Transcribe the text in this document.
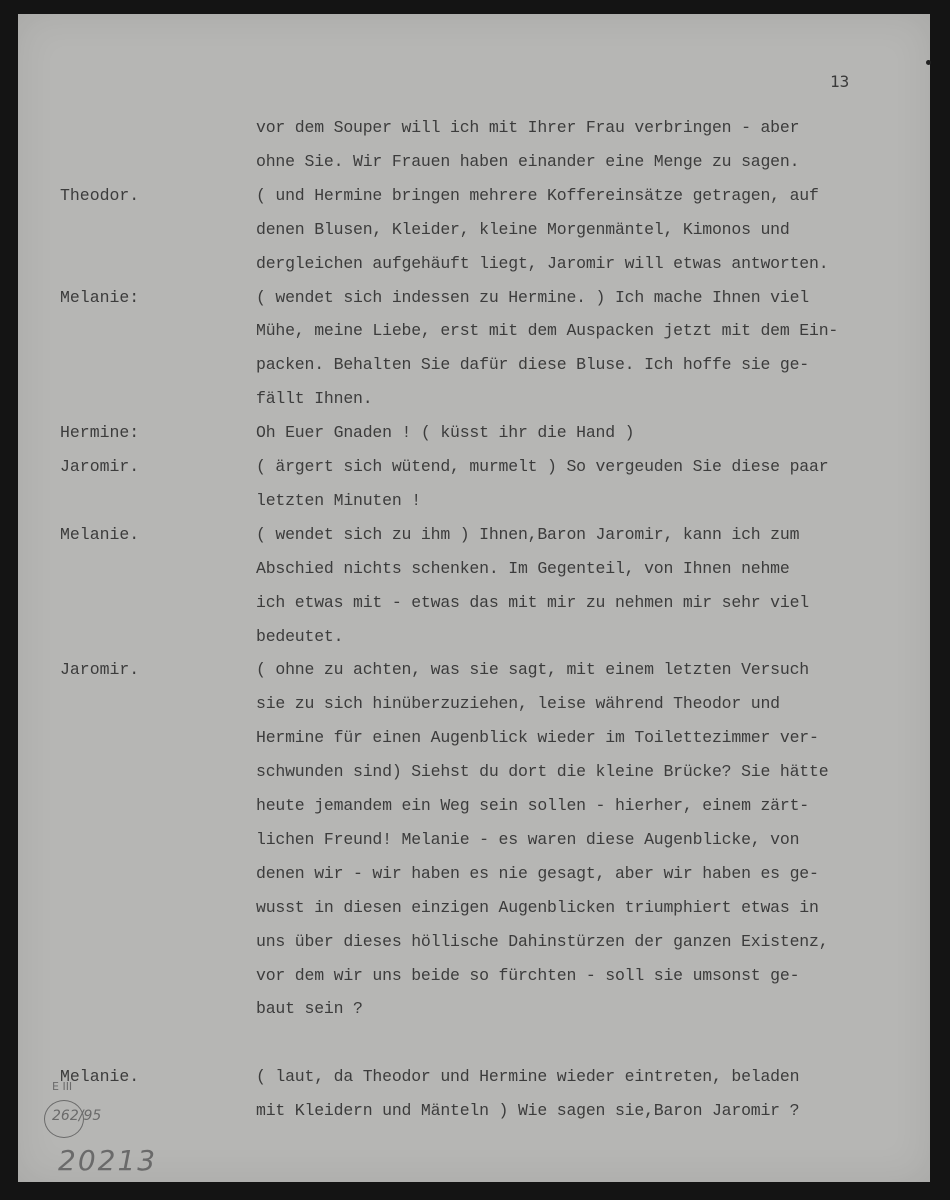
13
vor dem Souper will ich mit Ihrer Frau verbringen - aber
ohne Sie. Wir Frauen haben einander eine Menge zu sagen.
Theodor.	( und Hermine bringen mehrere Koffereinsätze getragen, auf
denen Blusen, Kleider, kleine Morgenmäntel, Kimonos und
dergleichen aufgehäuft liegt, Jaromir will etwas antworten.
Melanie:	( wendet sich indessen zu Hermine. ) Ich mache Ihnen viel
Mühe, meine Liebe, erst mit dem Auspacken jetzt mit dem Ein-
packen. Behalten Sie dafür diese Bluse. Ich hoffe sie ge-
fällt Ihnen.
Hermine:	Oh Euer Gnaden ! ( küsst ihr die Hand )
Jaromir.	( ärgert sich wütend, murmelt ) So vergeuden Sie diese paar
letzten Minuten !
Melanie.	( wendet sich zu ihm ) Ihnen,Baron Jaromir, kann ich zum
Abschied nichts schenken. Im Gegenteil, von Ihnen nehme
ich etwas mit - etwas das mit mir zu nehmen mir sehr viel
bedeutet.
Jaromir.	( ohne zu achten, was sie sagt, mit einem letzten Versuch
sie zu sich hinüberzuziehen, leise während Theodor und
Hermine für einen Augenblick wieder im Toilettezimmer ver-
schwunden sind) Siehst du dort die kleine Brücke? Sie hätte
heute jemandem ein Weg sein sollen - hierher, einem zärt-
lichen Freund! Melanie - es waren diese Augenblicke, von
denen wir - wir haben es nie gesagt, aber wir haben es ge-
wusst in diesen einzigen Augenblicken triumphiert etwas in
uns über dieses höllische Dahinstürzen der ganzen Existenz,
vor dem wir uns beide so fürchten - soll sie umsonst ge-
baut sein ?
Melanie.	( laut, da Theodor und Hermine wieder eintreten, beladen
mit Kleidern und Mänteln ) Wie sagen sie,Baron Jaromir ?
E III
262/95
20213
